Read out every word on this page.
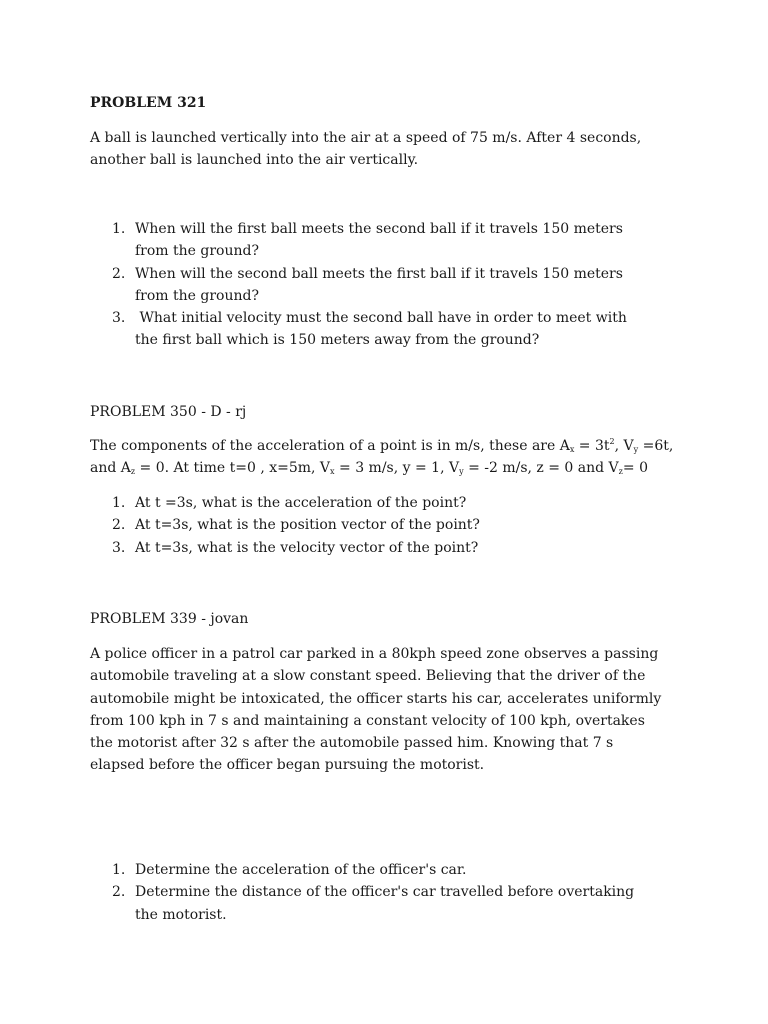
PROBLEM 321

A ball is launched vertically into the air at a speed of 75 m/s. After 4 seconds, another ball is launched into the air vertically.

1. When will the first ball meets the second ball if it travels 150 meters from the ground?
2. When will the second ball meets the first ball if it travels 150 meters from the ground?
3. What initial velocity must the second ball have in order to meet with the first ball which is 150 meters away from the ground?

PROBLEM 350 - D - rj

The components of the acceleration of a point is in m/s, these are $A_x = 3t^2$, $V_y =6t$, and $A_z = 0$. At time t=0 , x=5m, $V_x = 3$ m/s, y = 1, $V_y = -2$ m/s, z = 0 and $V_z= 0$

1. At t =3s, what is the acceleration of the point?
2. At t=3s, what is the position vector of the point?
3. At t=3s, what is the velocity vector of the point?

PROBLEM 339 - jovan

A police officer in a patrol car parked in a 80kph speed zone observes a passing automobile traveling at a slow constant speed. Believing that the driver of the automobile might be intoxicated, the officer starts his car, accelerates uniformly from 100 kph in 7 s and maintaining a constant velocity of 100 kph, overtakes the motorist after 32 s after the automobile passed him. Knowing that 7 s elapsed before the officer began pursuing the motorist.

1. Determine the acceleration of the officer's car.
2. Determine the distance of the officer's car travelled before overtaking the motorist.
